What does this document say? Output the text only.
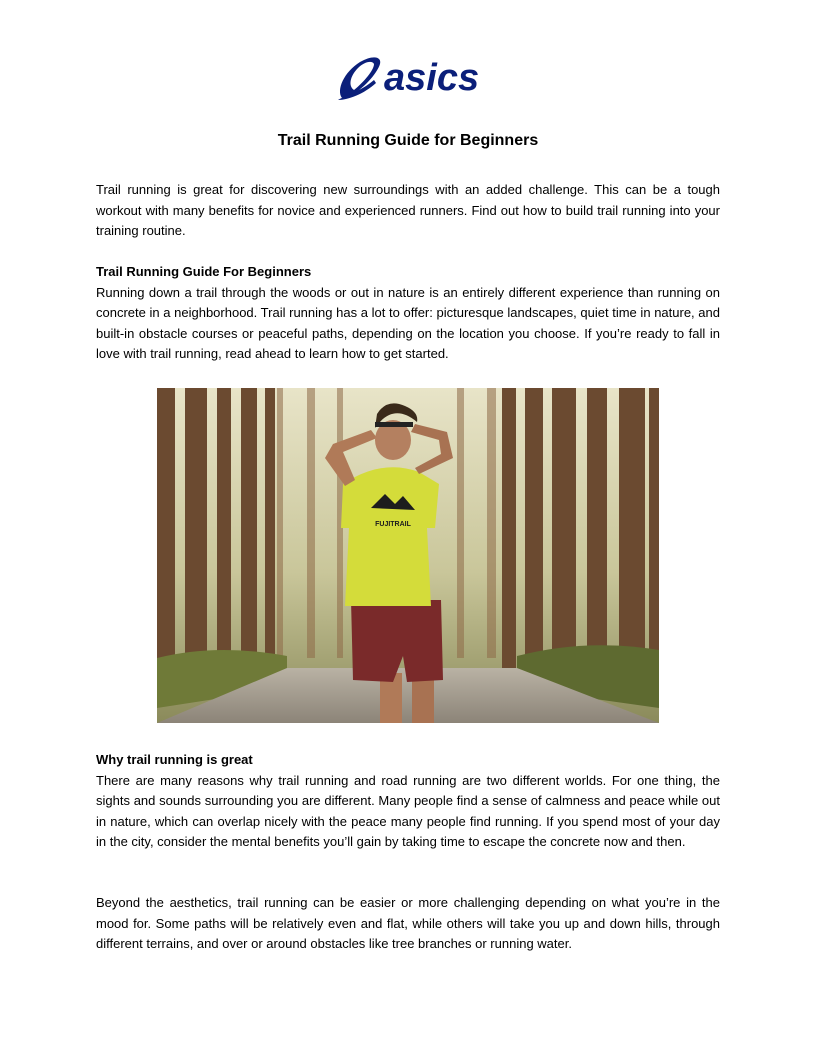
asics
Trail Running Guide for Beginners

Trail running is great for discovering new surroundings with an added challenge. This can be a tough workout with many benefits for novice and experienced runners. Find out how to build trail running into your training routine.

Trail Running Guide For Beginners
Running down a trail through the woods or out in nature is an entirely different experience than running on concrete in a neighborhood. Trail running has a lot to offer: picturesque landscapes, quiet time in nature, and built-in obstacle courses or peaceful paths, depending on the location you choose. If you’re ready to fall in love with trail running, read ahead to learn how to get started.

FUJITRAIL

Why trail running is great
There are many reasons why trail running and road running are two different worlds. For one thing, the sights and sounds surrounding you are different. Many people find a sense of calmness and peace while out in nature, which can overlap nicely with the peace many people find running. If you spend most of your day in the city, consider the mental benefits you’ll gain by taking time to escape the concrete now and then.

Beyond the aesthetics, trail running can be easier or more challenging depending on what you’re in the mood for. Some paths will be relatively even and flat, while others will take you up and down hills, through different terrains, and over or around obstacles like tree branches or running water.
